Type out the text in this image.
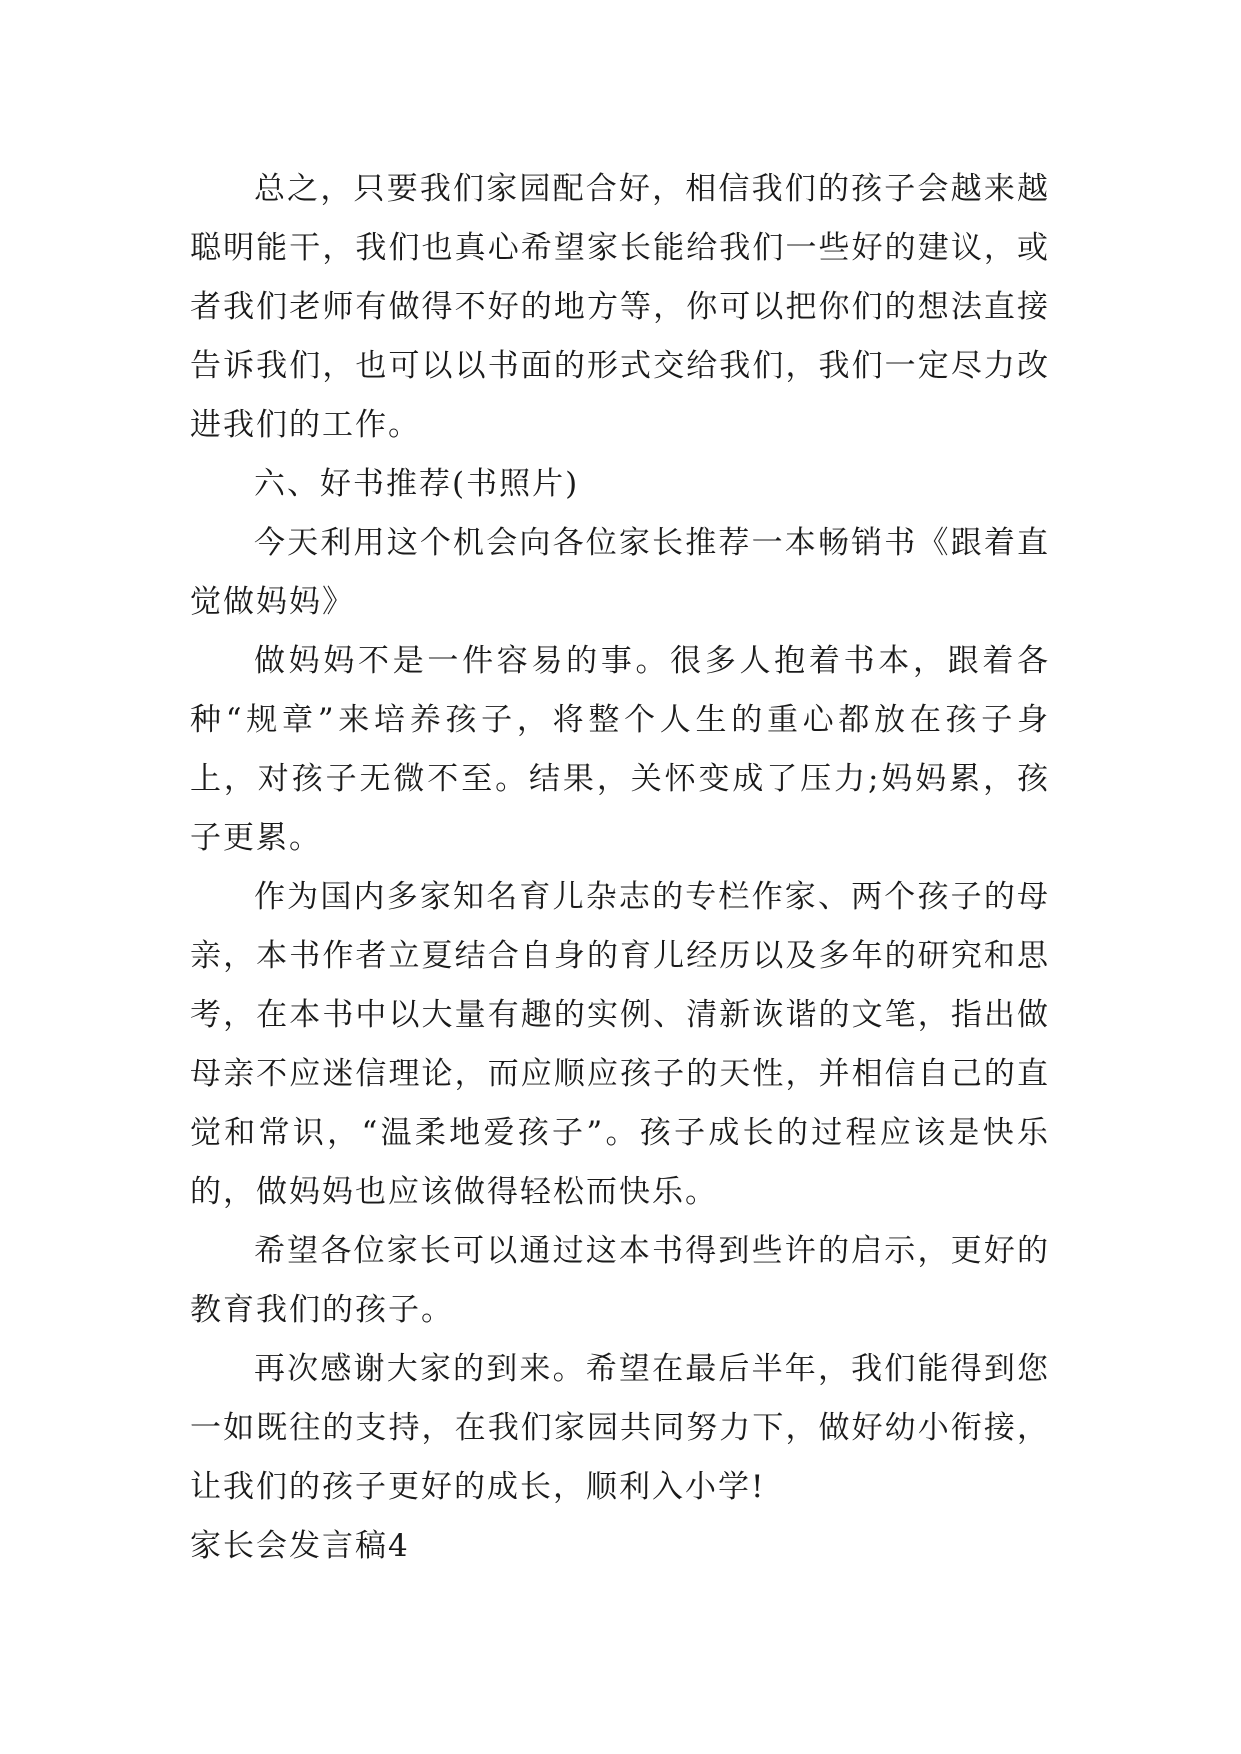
总之，只要我们家园配合好，相信我们的孩子会越来越聪明能干，我们也真心希望家长能给我们一些好的建议，或者我们老师有做得不好的地方等，你可以把你们的想法直接告诉我们，也可以以书面的形式交给我们，我们一定尽力改进我们的工作。

六、好书推荐(书照片)

今天利用这个机会向各位家长推荐一本畅销书《跟着直觉做妈妈》

做妈妈不是一件容易的事。很多人抱着书本，跟着各种“规章”来培养孩子，将整个人生的重心都放在孩子身上，对孩子无微不至。结果，关怀变成了压力;妈妈累，孩子更累。

作为国内多家知名育儿杂志的专栏作家、两个孩子的母亲，本书作者立夏结合自身的育儿经历以及多年的研究和思考，在本书中以大量有趣的实例、清新诙谐的文笔，指出做母亲不应迷信理论，而应顺应孩子的天性，并相信自己的直觉和常识，“温柔地爱孩子”。孩子成长的过程应该是快乐的，做妈妈也应该做得轻松而快乐。

希望各位家长可以通过这本书得到些许的启示，更好的教育我们的孩子。

再次感谢大家的到来。希望在最后半年，我们能得到您一如既往的支持，在我们家园共同努力下，做好幼小衔接，让我们的孩子更好的成长，顺利入小学!

家长会发言稿4
